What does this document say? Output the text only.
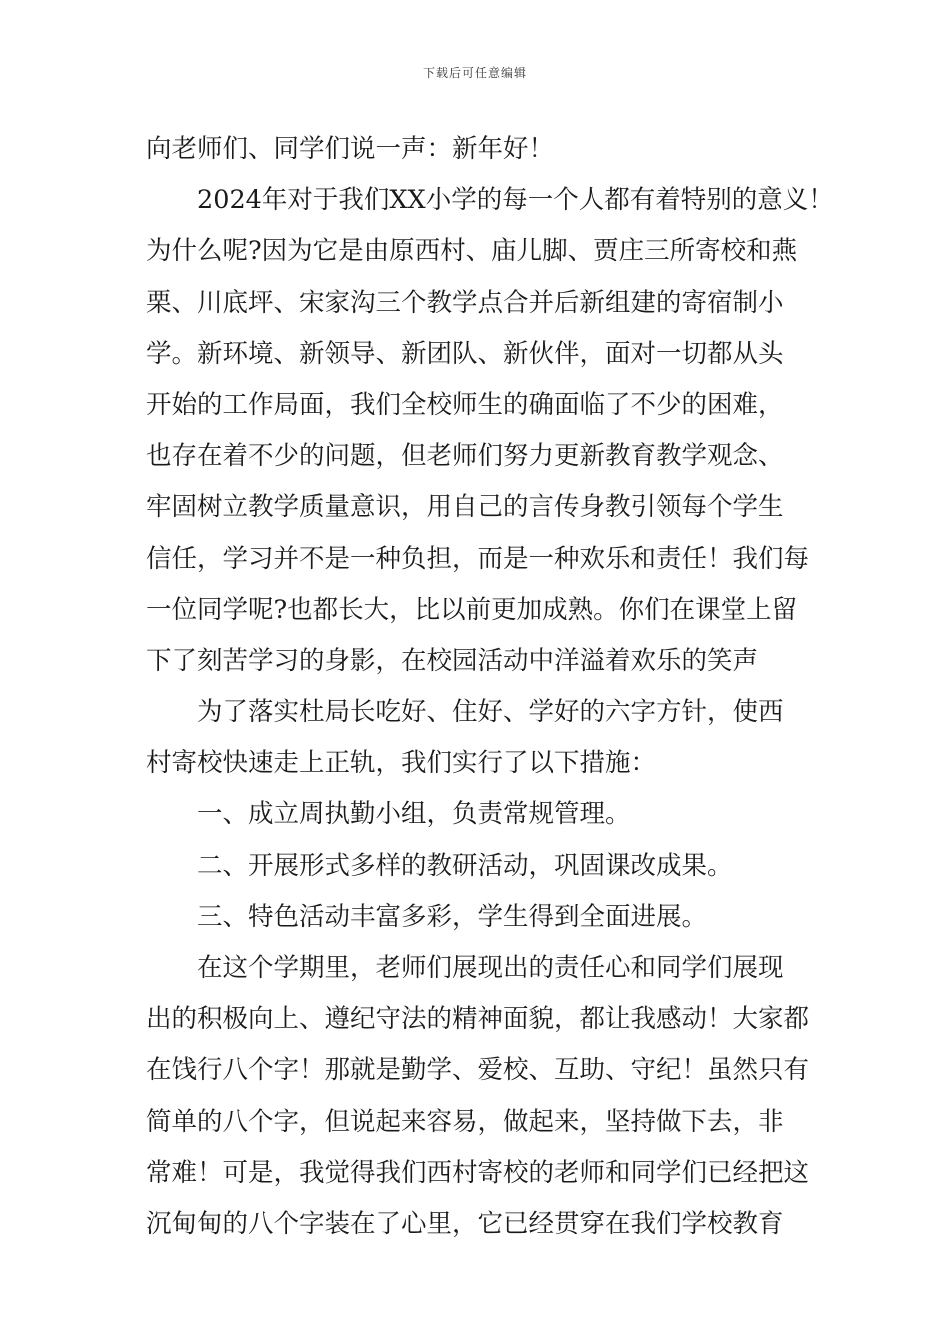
下载后可任意编辑
向老师们、同学们说一声：新年好！
2024年对于我们XX小学的每一个人都有着特别的意义！
为什么呢?因为它是由原西村、庙儿脚、贾庄三所寄校和燕
栗、川底坪、宋家沟三个教学点合并后新组建的寄宿制小
学。新环境、新领导、新团队、新伙伴，面对一切都从头
开始的工作局面，我们全校师生的确面临了不少的困难，
也存在着不少的问题，但老师们努力更新教育教学观念、
牢固树立教学质量意识，用自己的言传身教引领每个学生
信任，学习并不是一种负担，而是一种欢乐和责任！我们每
一位同学呢?也都长大，比以前更加成熟。你们在课堂上留
下了刻苦学习的身影，在校园活动中洋溢着欢乐的笑声
为了落实杜局长吃好、住好、学好的六字方针，使西
村寄校快速走上正轨，我们实行了以下措施：
一、成立周执勤小组，负责常规管理。
二、开展形式多样的教研活动，巩固课改成果。
三、特色活动丰富多彩，学生得到全面进展。
在这个学期里，老师们展现出的责任心和同学们展现
出的积极向上、遵纪守法的精神面貌，都让我感动！大家都
在饯行八个字！那就是勤学、爱校、互助、守纪！虽然只有
简单的八个字，但说起来容易，做起来，坚持做下去，非
常难！可是，我觉得我们西村寄校的老师和同学们已经把这
沉甸甸的八个字装在了心里，它已经贯穿在我们学校教育
